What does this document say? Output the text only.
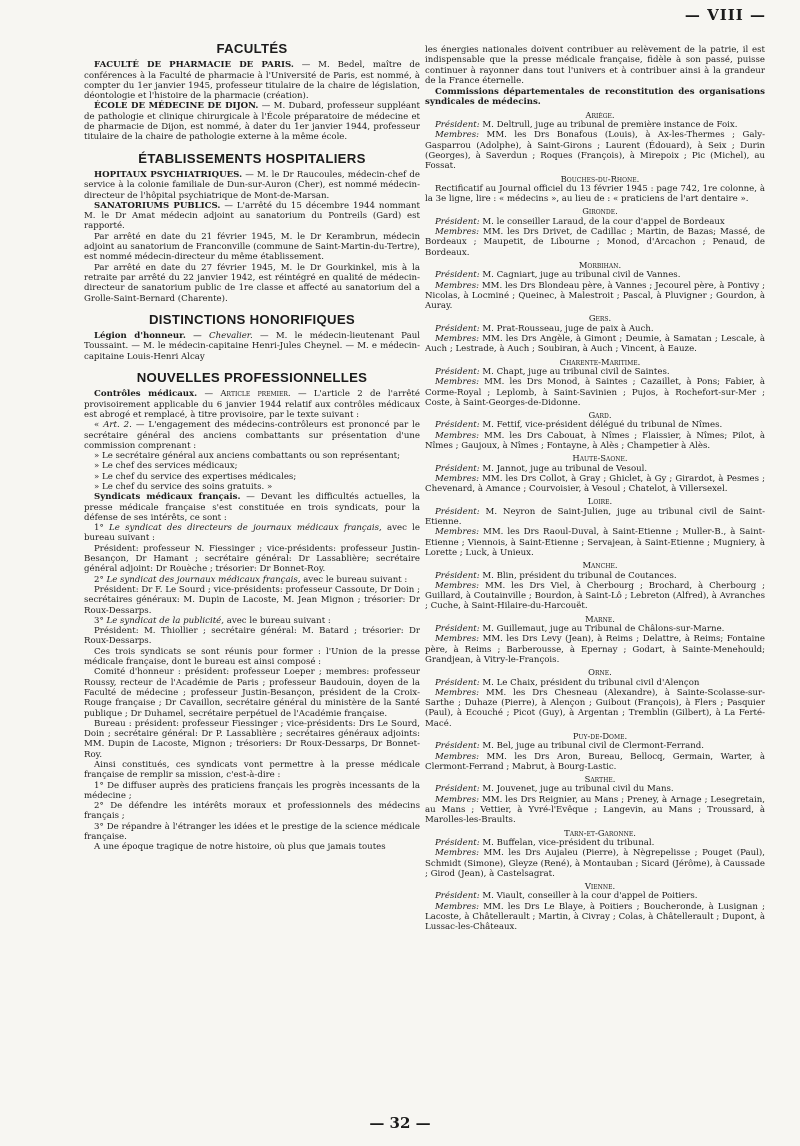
— VIII —
FACULTÉS

FACULTÉ DE PHARMACIE DE PARIS. — M. Bedel, maître de conférences à la Faculté de pharmacie à l'Université de Paris, est nommé, à compter du 1er janvier 1945, professeur titulaire de la chaire de législation, déontologie et l'histoire de la pharmacie (création).

ÉCOLE DE MÉDECINE DE DIJON. — M. Dubard, professeur suppléant de pathologie et clinique chirurgicale à l'École préparatoire de médecine et de pharmacie de Dijon, est nommé, à dater du 1er janvier 1944, professeur titulaire de la chaire de pathologie externe à la même école.

ÉTABLISSEMENTS HOSPITALIERS

HOPITAUX PSYCHIATRIQUES. — M. le Dr Raucoules, médecin-chef de service à la colonie familiale de Dun-sur-Auron (Cher), est nommé médecin-directeur de l'hôpital psychiatrique de Mont-de-Marsan.

SANATORIUMS PUBLICS. — L'arrêté du 15 décembre 1944 nommant M. le Dr Amat médecin adjoint au sanatorium du Pontreils (Gard) est rapporté.

Par arrêté en date du 21 février 1945, M. le Dr Kerambrun, médecin adjoint au sanatorium de Franconville (commune de Saint-Martin-du-Tertre), est nommé médecin-directeur du même établissement.

Par arrêté en date du 27 février 1945, M. le Dr Gourkinkel, mis à la retraite par arrêté du 22 janvier 1942, est réintégré en qualité de médecin-directeur de sanatorium public de 1re classe et affecté au sanatorium del a Grolle-Saint-Bernard (Charente).

DISTINCTIONS HONORIFIQUES

Légion d'honneur. — Chevalier. — M. le médecin-lieutenant Paul Toussaint. — M. le médecin-capitaine Henri-Jules Cheynel. — M. e médecin-capitaine Louis-Henri Alcay

NOUVELLES PROFESSIONNELLES

Contrôles médicaux. — Article premier. — L'article 2 de l'arrêté provisoirement applicable du 6 janvier 1944 relatif aux contrôles médicaux est abrogé et remplacé, à titre provisoire, par le texte suivant :

« Art. 2. — L'engagement des médecins-contrôleurs est prononcé par le secrétaire général des anciens combattants sur présentation d'une commission comprenant :

» Le secrétaire général aux anciens combattants ou son représentant;

» Le chef des services médicaux;

» Le chef du service des expertises médicales;

» Le chef du service des soins gratuits. »

Syndicats médicaux français. — Devant les difficultés actuelles, la presse médicale française s'est constituée en trois syndicats, pour la défense de ses intérêts, ce sont :

1° Le syndicat des directeurs de journaux médicaux français, avec le bureau suivant :

Président: professeur N. Fiessinger ; vice-présidents: professeur Justin-Besançon, Dr Hamant ; secrétaire général: Dr Lassablière; secrétaire général adjoint: Dr Rouèche ; trésorier: Dr Bonnet-Roy.

2° Le syndicat des journaux médicaux français, avec le bureau suivant :

Président: Dr F. Le Sourd ; vice-présidents: professeur Cassoute, Dr Doin ; secrétaires généraux: M. Dupin de Lacoste, M. Jean Mignon ; trésorier: Dr Roux-Dessarps.

3° Le syndicat de la publicité, avec le bureau suivant :

Président: M. Thiollier ; secrétaire général: M. Batard ; trésorier: Dr Roux-Dessarps.

Ces trois syndicats se sont réunis pour former : l'Union de la presse médicale française, dont le bureau est ainsi composé :

Comité d'honneur : président: professeur Loeper ; membres: professeur Roussy, recteur de l'Académie de Paris ; professeur Baudouin, doyen de la Faculté de médecine ; professeur Justin-Besançon, président de la Croix-Rouge française ; Dr Cavaillon, secrétaire général du ministère de la Santé publique ; Dr Duhamel, secrétaire perpétuel de l'Académie française.

Bureau : président: professeur Fiessinger ; vice-présidents: Drs Le Sourd, Doin ; secrétaire général: Dr P. Lassablière ; secrétaires généraux adjoints: MM. Dupin de Lacoste, Mignon ; trésoriers: Dr Roux-Dessarps, Dr Bonnet-Roy.

Ainsi constitués, ces syndicats vont permettre à la presse médicale française de remplir sa mission, c'est-à-dire :

1° De diffuser auprès des praticiens français les progrès incessants de la médecine ;

2° De défendre les intérêts moraux et professionnels des médecins français ;

3° De répandre à l'étranger les idées et le prestige de la science médicale française.

A une époque tragique de notre histoire, où plus que jamais toutes

les énergies nationales doivent contribuer au relèvement de la patrie, il est indispensable que la presse médicale française, fidèle à son passé, puisse continuer à rayonner dans tout l'univers et à contribuer ainsi à la grandeur de la France éternelle.

Commissions départementales de reconstitution des organisations syndicales de médecins.

Ariège.

Président: M. Deltrull, juge au tribunal de première instance de Foix.

Membres: MM. les Drs Bonafous (Louis), à Ax-les-Thermes ; Galy-Gasparrou (Adolphe), à Saint-Girons ; Laurent (Édouard), à Seix ; Durin (Georges), à Saverdun ; Roques (François), à Mirepoix ; Pic (Michel), au Fossat.

Bouches-du-Rhone.

Rectificatif au Journal officiel du 13 février 1945 : page 742, 1re colonne, à la 3e ligne, lire : « médecins », au lieu de : « praticiens de l'art dentaire ».

Gironde.

Président: M. le conseiller Laraud, de la cour d'appel de Bordeaux

Membres: MM. les Drs Drivet, de Cadillac ; Martin, de Bazas; Massé, de Bordeaux ; Maupetit, de Libourne ; Monod, d'Arcachon ; Penaud, de Bordeaux.

Morbihan.

Président: M. Cagniart, juge au tribunal civil de Vannes.

Membres: MM. les Drs Blondeau père, à Vannes ; Jecourel père, à Pontivy ; Nicolas, à Locminé ; Queinec, à Malestroit ; Pascal, à Pluvigner ; Gourdon, à Auray.

Gers.

Président: M. Prat-Rousseau, juge de paix à Auch.

Membres: MM. les Drs Angèle, à Gimont ; Deumie, à Samatan ; Lescale, à Auch ; Lestrade, à Auch ; Soubiran, à Auch ; Vincent, à Eauze.

Charente-Maritime.

Président: M. Chapt, juge au tribunal civil de Saintes.

Membres: MM. les Drs Monod, à Saintes ; Cazaillet, à Pons; Fabier, à Corme-Royal ; Leplomb, à Saint-Savinien ; Pujos, à Rochefort-sur-Mer ; Coste, à Saint-Georges-de-Didonne.

Gard.

Président: M. Fettif, vice-président délégué du tribunal de Nîmes.

Membres: MM. les Drs Cabouat, à Nîmes ; Flaissier, à Nîmes; Pilot, à Nîmes ; Gaujoux, à Nîmes ; Fontayne, à Alès ; Champetier à Alès.

Haute-Saone.

Président: M. Jannot, juge au tribunal de Vesoul.

Membres: MM. les Drs Collot, à Gray ; Ghiclet, à Gy ; Girardot, à Pesmes ; Chevenard, à Amance ; Courvoisier, à Vesoul ; Chatelot, à Villersexel.

Loire.

Président: M. Neyron de Saint-Julien, juge au tribunal civil de Saint-Etienne.

Membres: MM. les Drs Raoul-Duval, à Saint-Etienne ; Muller-B., à Saint-Etienne ; Viennois, à Saint-Etienne ; Servajean, à Saint-Etienne ; Mugniery, à Lorette ; Luck, à Unieux.

Manche.

Président: M. Blin, président du tribunal de Coutances.

Membres: MM. les Drs Viel, à Cherbourg ; Brochard, à Cherbourg ; Guillard, à Coutainville ; Bourdon, à Saint-Lô ; Lebreton (Alfred), à Avranches ; Cuche, à Saint-Hilaire-du-Harcouët.

Marne.

Président: M. Guillemaut, juge au Tribunal de Châlons-sur-Marne.

Membres: MM. les Drs Levy (Jean), à Reims ; Delattre, à Reims; Fontaine père, à Reims ; Barberousse, à Epernay ; Godart, à Sainte-Menehould; Grandjean, à Vitry-le-François.

Orne.

Président: M. Le Chaix, président du tribunal civil d'Alençon

Membres: MM. les Drs Chesneau (Alexandre), à Sainte-Scolasse-sur-Sarthe ; Duhaze (Pierre), à Alençon ; Guibout (François), à Flers ; Pasquier (Paul), à Ecouché ; Picot (Guy), à Argentan ; Tremblin (Gilbert), à La Ferté-Macé.

Puy-de-Dome.

Président: M. Bel, juge au tribunal civil de Clermont-Ferrand.

Membres: MM. les Drs Aron, Bureau, Bellocq, Germain, Warter, à Clermont-Ferrand ; Mabrut, à Bourg-Lastic.

Sarthe.

Président: M. Jouvenet, juge au tribunal civil du Mans.

Membres: MM. les Drs Reignier, au Mans ; Preney, à Arnage ; Lesegretain, au Mans ; Vettier, à Yvré-l'Evêque ; Langevin, au Mans ; Troussard, à Marolles-les-Braults.

Tarn-et-Garonne.

Président: M. Buffelan, vice-président du tribunal.

Membres: MM. les Drs Aujaleu (Pierre), à Nègrepelisse ; Pouget (Paul), Schmidt (Simone), Gleyze (René), à Montauban ; Sicard (Jérôme), à Caussade ; Girod (Jean), à Castelsagrat.

Vienne.

Président: M. Viault, conseiller à la cour d'appel de Poitiers.

Membres: MM. les Drs Le Blaye, à Poitiers ; Boucheronde, à Lusignan ; Lacoste, à Châtellerault ; Martin, à Civray ; Colas, à Châtellerault ; Dupont, à Lussac-les-Châteaux.

— 32 —
